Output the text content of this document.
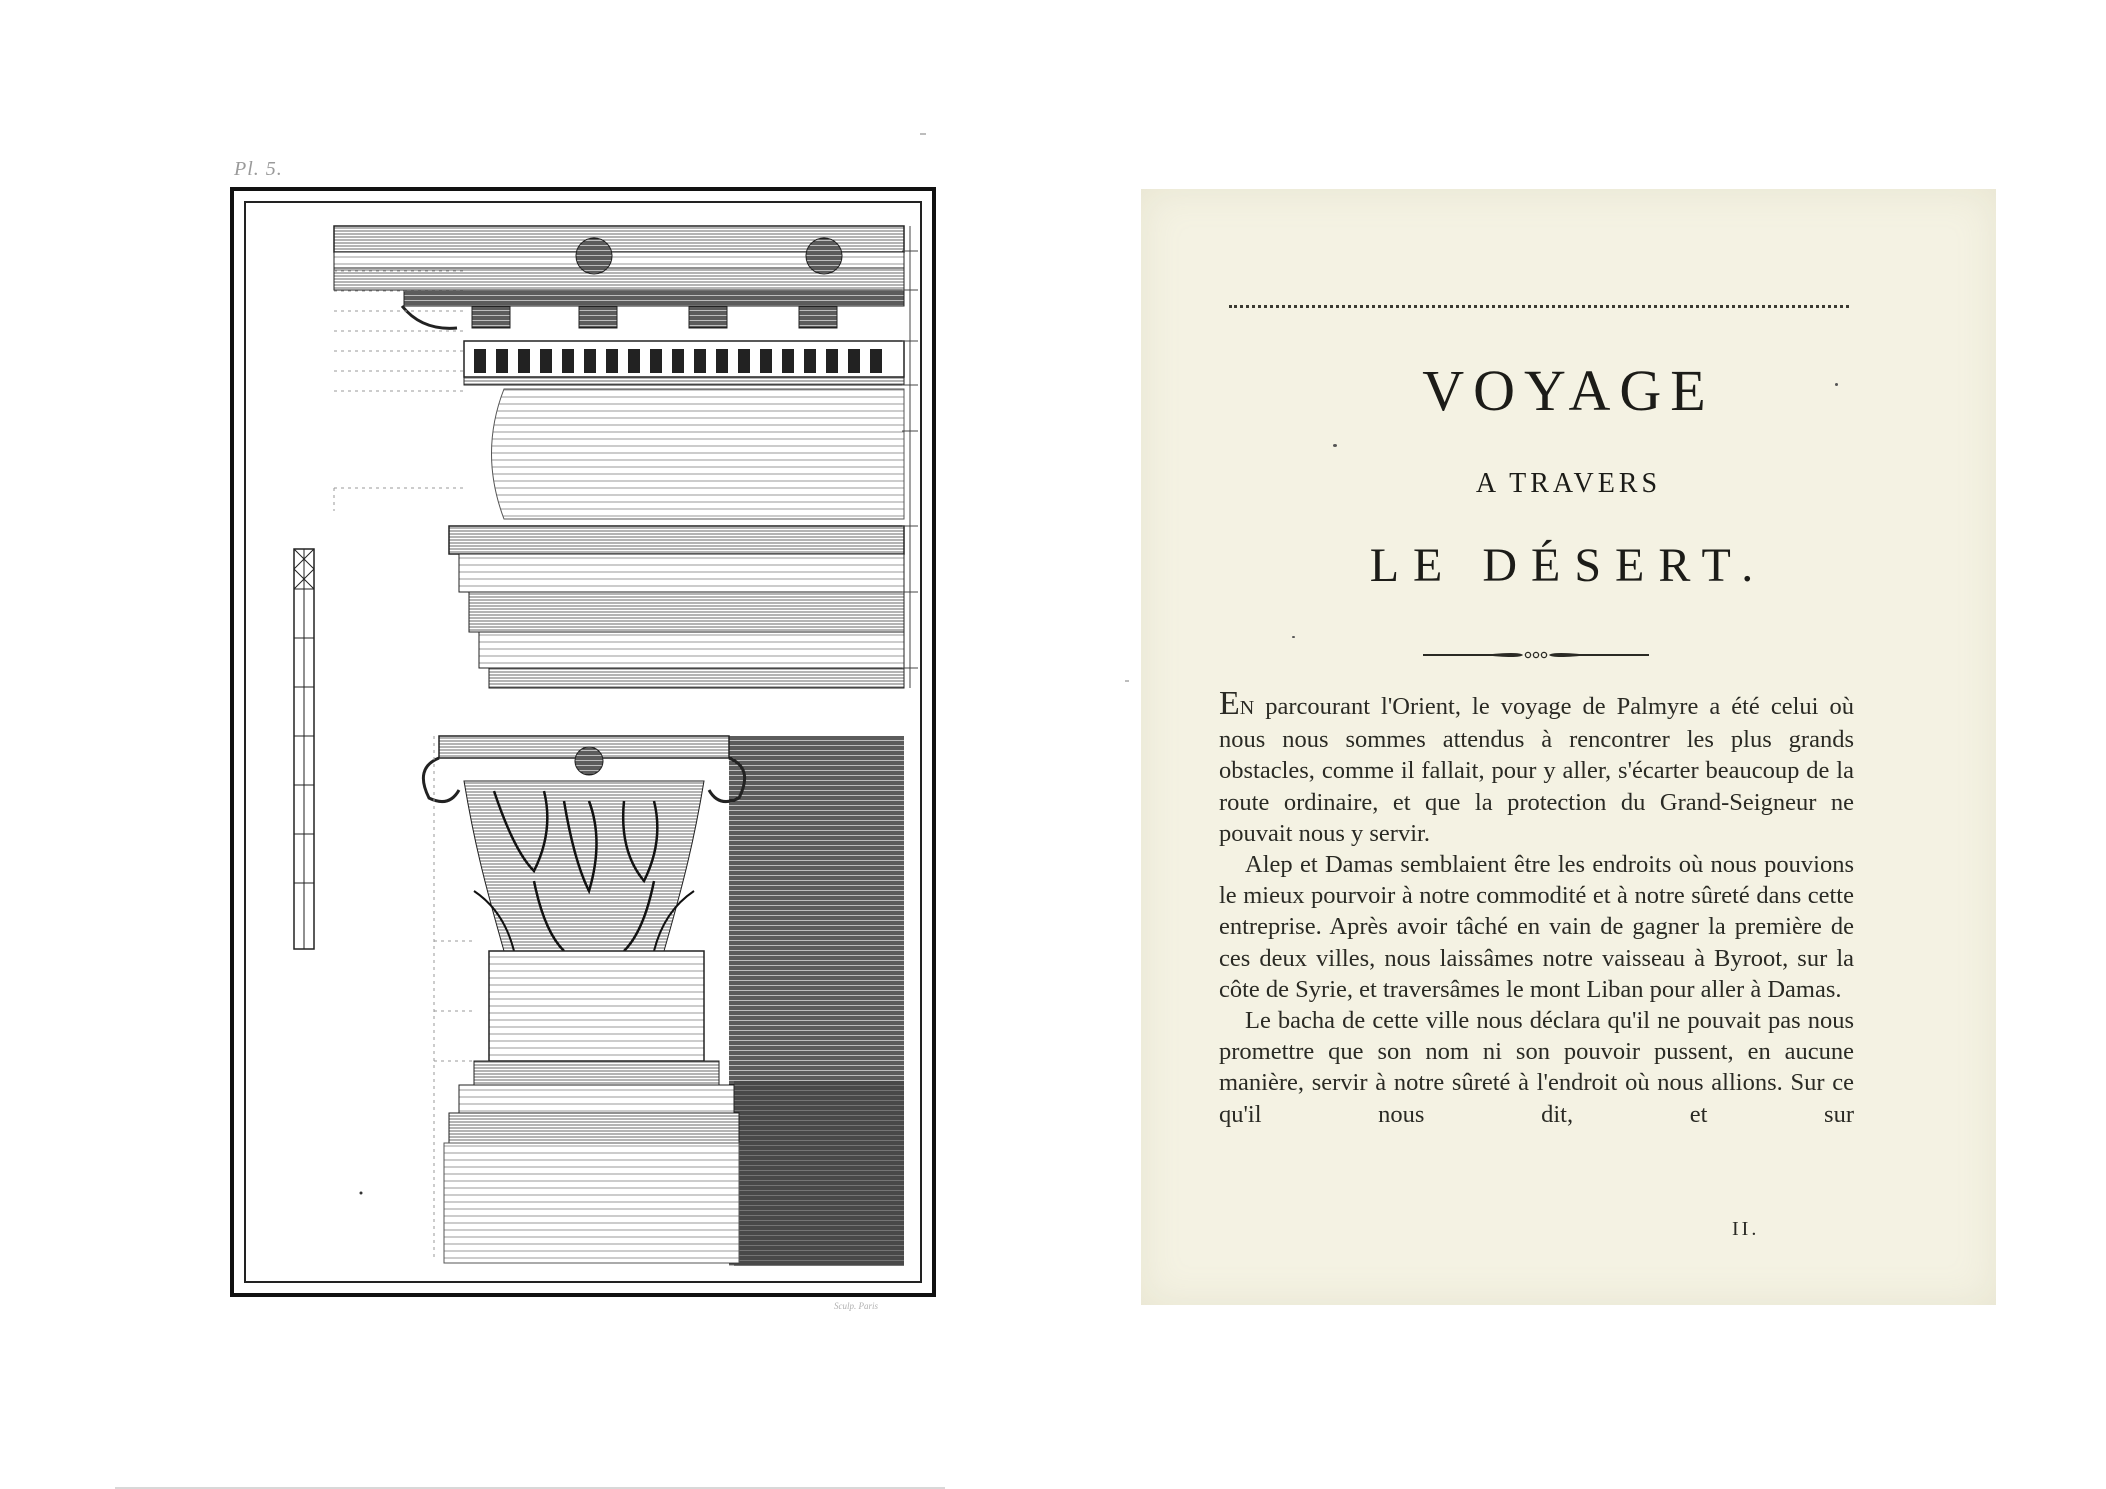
Pl. 5.
Sculp. Paris
VOYAGE
A TRAVERS
LE DÉSERT.
EN parcourant l'Orient, le voyage de Palmyre a été celui où nous nous sommes attendus à rencontrer les plus grands obstacles, comme il fallait, pour y aller, s'écarter beaucoup de la route ordinaire, et que la protection du Grand-Seigneur ne pouvait nous y servir.
Alep et Damas semblaient être les endroits où nous pouvions le mieux pourvoir à notre commodité et à notre sûreté dans cette entreprise. Après avoir tâché en vain de gagner la première de ces deux villes, nous laissâmes notre vaisseau à Byroot, sur la côte de Syrie, et traversâmes le mont Liban pour aller à Damas.
Le bacha de cette ville nous déclara qu'il ne pouvait pas nous promettre que son nom ni son pouvoir pussent, en aucune manière, servir à notre sûreté à l'endroit où nous allions. Sur ce qu'il nous dit, et sur
II.
